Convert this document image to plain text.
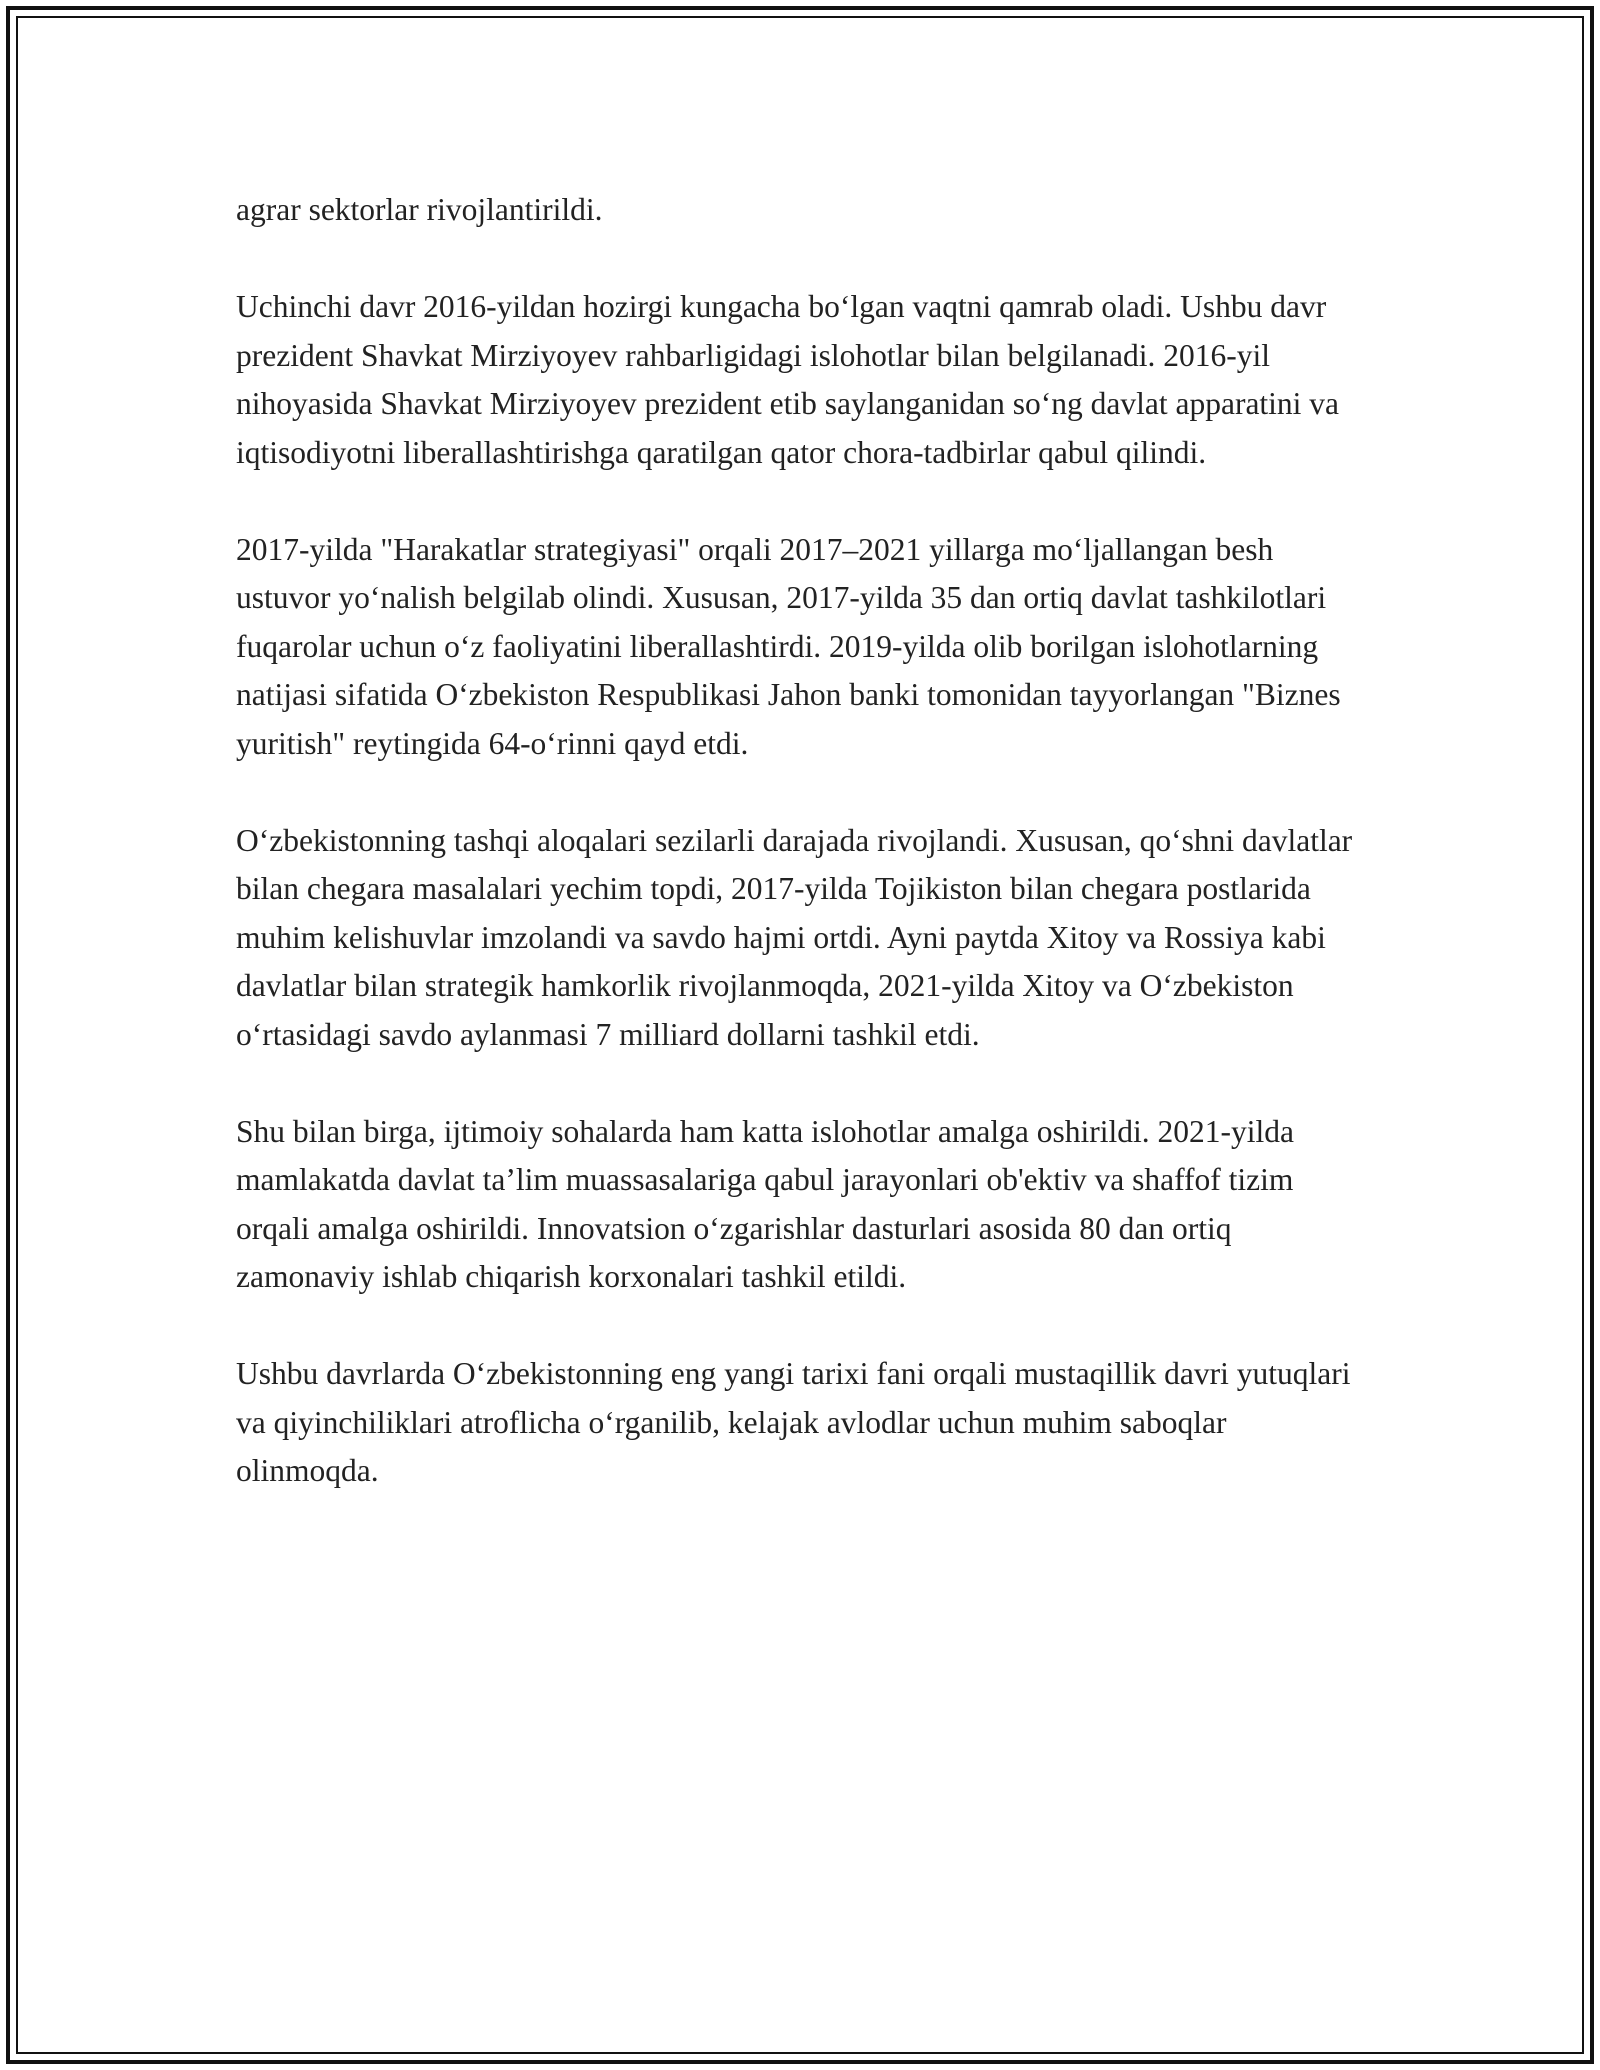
agrar sektorlar rivojlantirildi.

Uchinchi davr 2016-yildan hozirgi kungacha bo‘lgan vaqtni qamrab oladi. Ushbu davr prezident Shavkat Mirziyoyev rahbarligidagi islohotlar bilan belgilanadi. 2016-yil nihoyasida Shavkat Mirziyoyev prezident etib saylanganidan so‘ng davlat apparatini va iqtisodiyotni liberallashtirishga qaratilgan qator chora-tadbirlar qabul qilindi.

2017-yilda "Harakatlar strategiyasi" orqali 2017–2021 yillarga mo‘ljallangan besh ustuvor yo‘nalish belgilab olindi. Xususan, 2017-yilda 35 dan ortiq davlat tashkilotlari fuqarolar uchun o‘z faoliyatini liberallashtirdi. 2019-yilda olib borilgan islohotlarning natijasi sifatida O‘zbekiston Respublikasi Jahon banki tomonidan tayyorlangan "Biznes yuritish" reytingida 64-o‘rinni qayd etdi.

O‘zbekistonning tashqi aloqalari sezilarli darajada rivojlandi. Xususan, qo‘shni davlatlar bilan chegara masalalari yechim topdi, 2017-yilda Tojikiston bilan chegara postlarida muhim kelishuvlar imzolandi va savdo hajmi ortdi. Ayni paytda Xitoy va Rossiya kabi davlatlar bilan strategik hamkorlik rivojlanmoqda, 2021-yilda Xitoy va O‘zbekiston o‘rtasidagi savdo aylanmasi 7 milliard dollarni tashkil etdi.

Shu bilan birga, ijtimoiy sohalarda ham katta islohotlar amalga oshirildi. 2021-yilda mamlakatda davlat ta’lim muassasalariga qabul jarayonlari ob'ektiv va shaffof tizim orqali amalga oshirildi. Innovatsion o‘zgarishlar dasturlari asosida 80 dan ortiq zamonaviy ishlab chiqarish korxonalari tashkil etildi.

Ushbu davrlarda O‘zbekistonning eng yangi tarixi fani orqali mustaqillik davri yutuqlari va qiyinchiliklari atroflicha o‘rganilib, kelajak avlodlar uchun muhim saboqlar olinmoqda.
